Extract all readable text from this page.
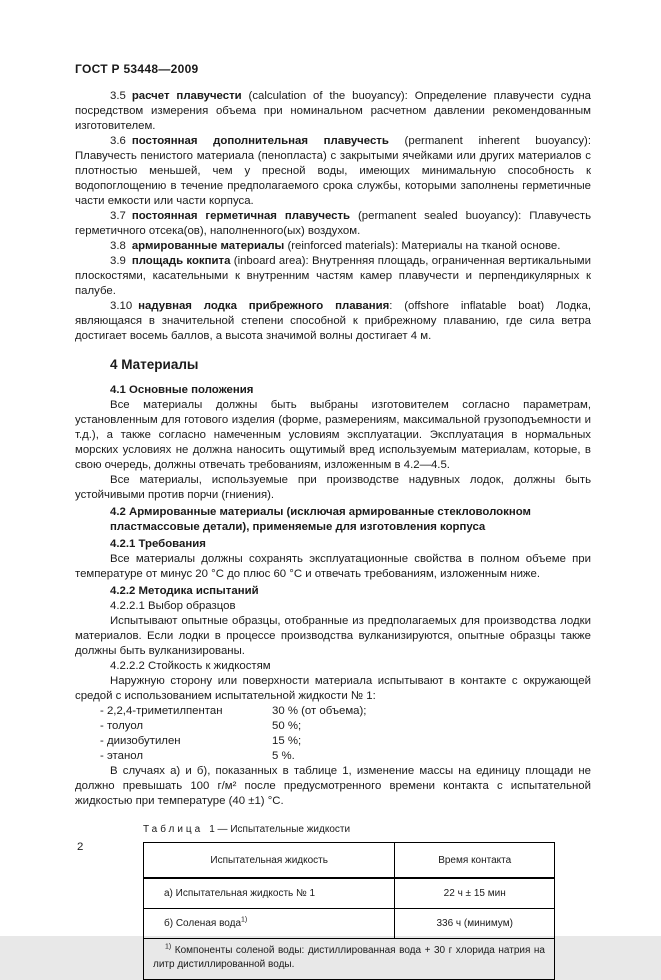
ГОСТ Р 53448—2009

3.5 расчет плавучести (calculation of the buoyancy): Определение плавучести судна посредством измерения объема при номинальном расчетном давлении рекомендованным изготовителем.

3.6 постоянная дополнительная плавучесть (permanent inherent buoyancy): Плавучесть пенистого материала (пенопласта) с закрытыми ячейками или других материалов с плотностью меньшей, чем у пресной воды, имеющих минимальную способность к водопоглощению в течение предполагаемого срока службы, которыми заполнены герметичные части емкости или части корпуса.

3.7 постоянная герметичная плавучесть (permanent sealed buoyancy): Плавучесть герметичного отсека(ов), наполненного(ых) воздухом.

3.8 армированные материалы (reinforced materials): Материалы на тканой основе.

3.9 площадь кокпита (inboard area): Внутренняя площадь, ограниченная вертикальными плоскостями, касательными к внутренним частям камер плавучести и перпендикулярных к палубе.

3.10 надувная лодка прибрежного плавания: (offshore inflatable boat) Лодка, являющаяся в значительной степени способной к прибрежному плаванию, где сила ветра достигает восемь баллов, а высота значимой волны достигает 4 м.

4 Материалы
4.1 Основные положения

Все материалы должны быть выбраны изготовителем согласно параметрам, установленным для готового изделия (форме, размерениям, максимальной грузоподъемности и т.д.), а также согласно намеченным условиям эксплуатации. Эксплуатация в нормальных морских условиях не должна наносить ощутимый вред используемым материалам, которые, в свою очередь, должны отвечать требованиям, изложенным в 4.2—4.5.

Все материалы, используемые при производстве надувных лодок, должны быть устойчивыми против порчи (гниения).

4.2 Армированные материалы (исключая армированные стекловолокном пластмассовые детали), применяемые для изготовления корпуса
4.2.1 Требования

Все материалы должны сохранять эксплуатационные свойства в полном объеме при температуре от минус 20 °С до плюс 60 °С и отвечать требованиям, изложенным ниже.

4.2.2 Методика испытаний
4.2.2.1 Выбор образцов

Испытывают опытные образцы, отобранные из предполагаемых для производства лодки материалов. Если лодки в процессе производства вулканизируются, опытные образцы также должны быть вулканизированы.

4.2.2.2 Стойкость к жидкостям

Наружную сторону или поверхности материала испытывают в контакте с окружающей средой с использованием испытательной жидкости № 1:

- 2,2,4-триметилпентан	30 % (от объема);
- толуол	50 %;
- диизобутилен	15 %;
- этанол	5 %.

В случаях а) и б), показанных в таблице 1, изменение массы на единицу площади не должно превышать 100 г/м² после предусмотренного времени контакта с испытательной жидкостью при температуре (40 ±1) °С.

Таблица 1 — Испытательные жидкости
Испытательная жидкость	Время контакта
а) Испытательная жидкость № 1	22 ч ± 15 мин
б) Соленая вода$^{1)}$	336 ч (минимум)
$^{1)}$ Компоненты соленой воды: дистиллированная вода + 30 г хлорида натрия на литр дистиллированной воды.	
2
